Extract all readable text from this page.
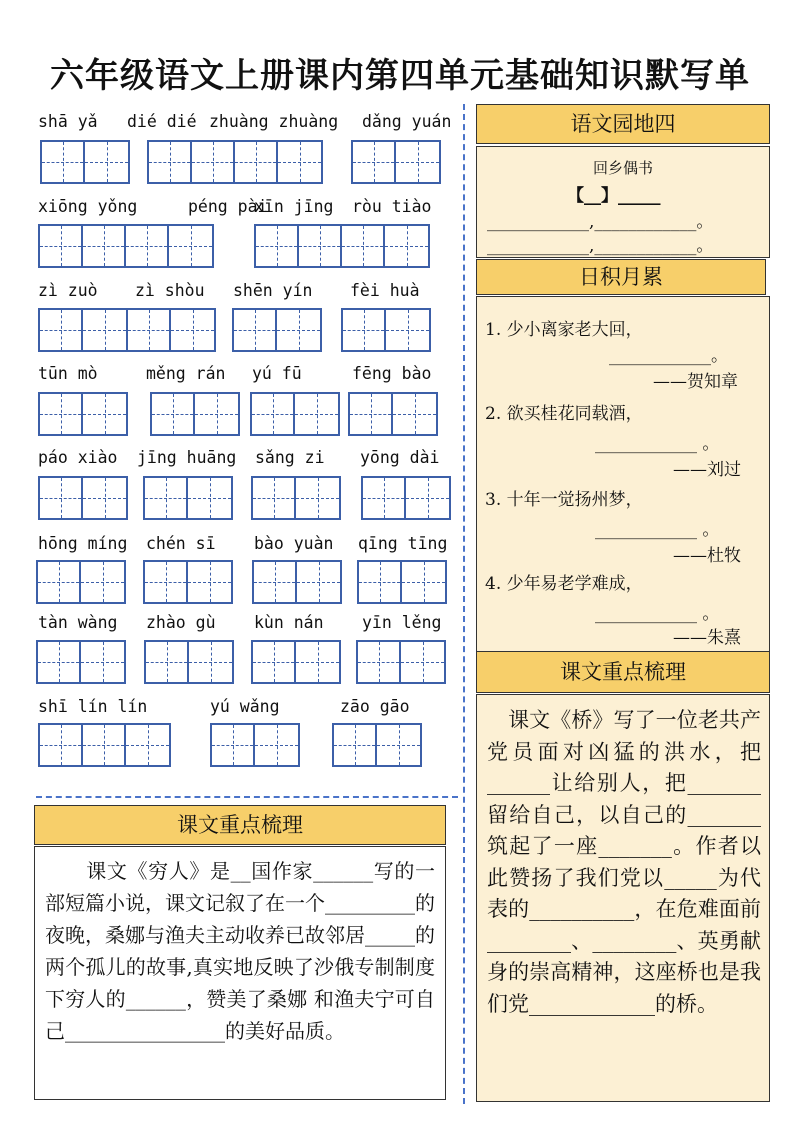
六年级语文上册课内第四单元基础知识默写单
shā yǎ dié dié zhuàng zhuàng dǎng yuán
xiōng yǒng	péng pài
xīn jīng ròu tiào
zì zuò zì shòu shēn yín fèi huà
tūn mò	měng rán yú fū	fēng bào
páo xiào jīng huāng sǎng zi yōng dài
hōng míng chén sī bào yuàn qīng tīng
tàn wàng zhào gù kùn nán yīn lěng
shī lín lín	yú wǎng	zāo gāo
语文园地四
回乡偶书
【__】_____
____________,____________。
____________,____________。
日积月累
1. 少小离家老大回，
____________。
——贺知章
2. 欲买桂花同载酒，
____________ 。
——刘过
3. 十年一觉扬州梦，
____________ 。
——杜牧
4. 少年易老学难成，
____________ 。
——朱熹
课文重点梳理
　课文《桥》写了一位老共产党员面对凶猛的洪水，把______让给别人，把_______留给自己，以自己的_______筑起了一座_______。作者以此赞扬了我们党以_____为代表的__________，在危难面前________、________、英勇献身的崇高精神，这座桥也是我们党____________的桥。
课文重点梳理
　　课文《穷人》是__国作家______写的一部短篇小说，课文记叙了在一个_________的夜晚，桑娜与渔夫主动收养已故邻居_____的两个孤儿的故事,真实地反映了沙俄专制制度下穷人的______，赞美了桑娜 和渔夫宁可自己________________的美好品质。
